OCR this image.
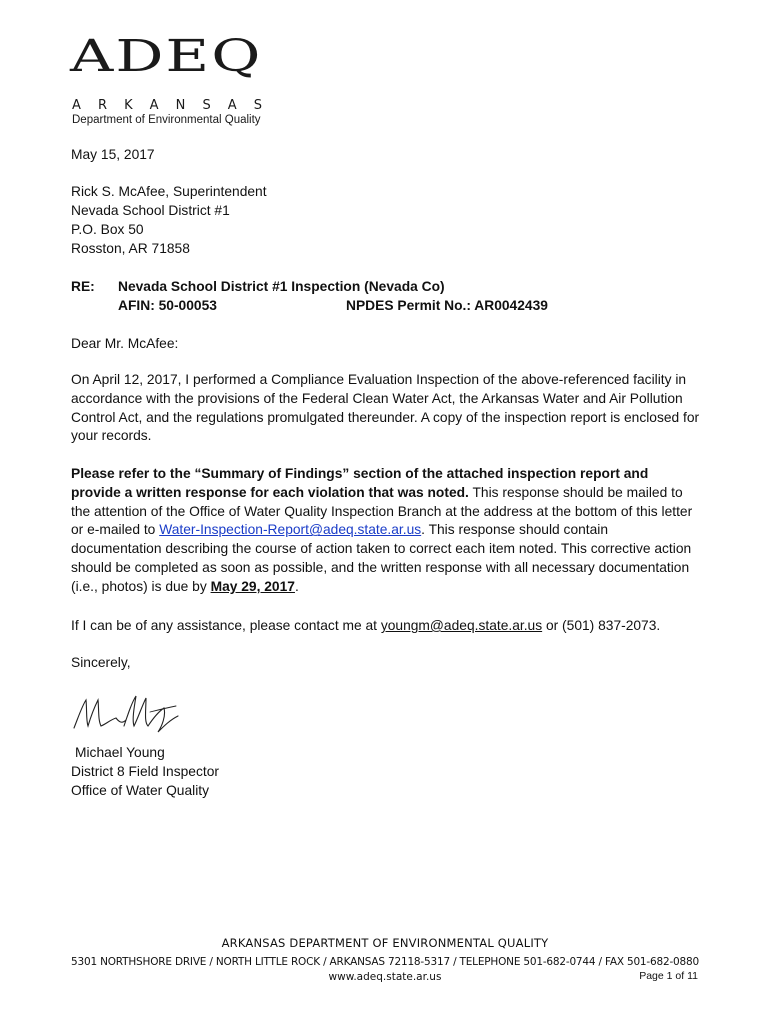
ADEQ
A R K A N S A S
Department of Environmental Quality
May 15, 2017
Rick S. McAfee, Superintendent
Nevada School District #1
P.O. Box 50
Rosston, AR 71858
RE: Nevada School District #1 Inspection (Nevada Co)
AFIN: 50-00053	NPDES Permit No.: AR0042439
Dear Mr. McAfee:
On April 12, 2017, I performed a Compliance Evaluation Inspection of the above-referenced facility in accordance with the provisions of the Federal Clean Water Act, the Arkansas Water and Air Pollution Control Act, and the regulations promulgated thereunder. A copy of the inspection report is enclosed for your records.
Please refer to the “Summary of Findings” section of the attached inspection report and provide a written response for each violation that was noted. This response should be mailed to the attention of the Office of Water Quality Inspection Branch at the address at the bottom of this letter or e-mailed to Water-Inspection-Report@adeq.state.ar.us. This response should contain documentation describing the course of action taken to correct each item noted. This corrective action should be completed as soon as possible, and the written response with all necessary documentation (i.e., photos) is due by May 29, 2017.
If I can be of any assistance, please contact me at youngm@adeq.state.ar.us or (501) 837-2073.
Sincerely,
Michael Young
District 8 Field Inspector
Office of Water Quality
ARKANSAS DEPARTMENT OF ENVIRONMENTAL QUALITY
5301 NORTHSHORE DRIVE / NORTH LITTLE ROCK / ARKANSAS 72118-5317 / TELEPHONE 501-682-0744 / FAX 501-682-0880
www.adeq.state.ar.us	Page 1 of 11
